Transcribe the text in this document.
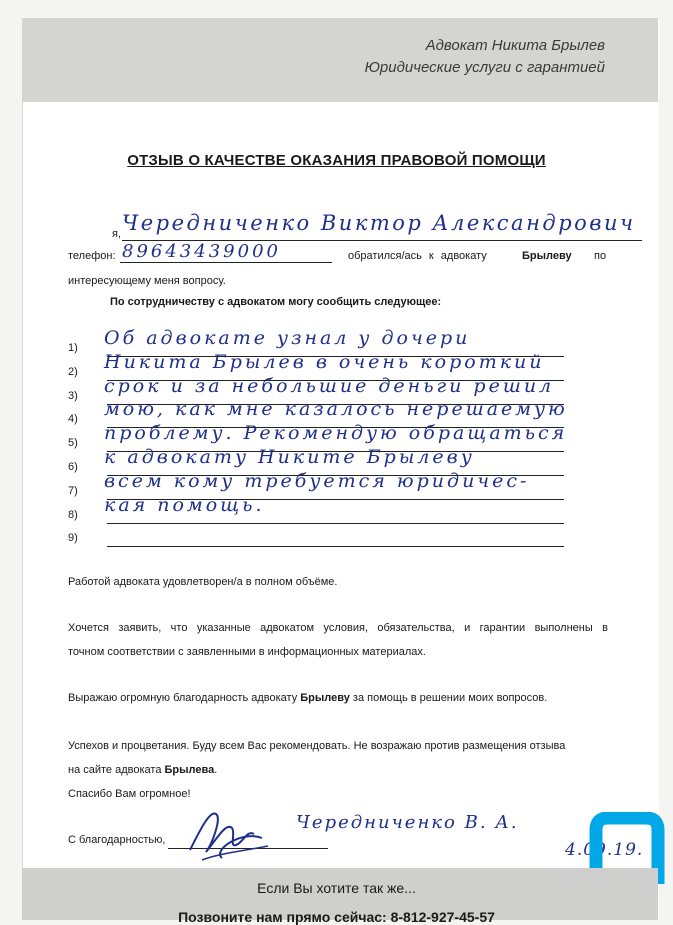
Адвокат Никита Брылев
Юридические услуги с гарантией
ОТЗЫВ О КАЧЕСТВЕ ОКАЗАНИЯ ПРАВОВОЙ ПОМОЩИ
я, Чередниченко Виктор Александрович
телефон: 89643439000	обратился/ась к адвокату	Брылеву по
интересующему меня вопросу.
По сотрудничеству с адвокатом могу сообщить следующее:
1) Об адвокате узнал у дочери
2) Никита Брылев в очень короткий
3) срок и за небольшие деньги решил
4) мою, как мне казалось нерешаемую
5) проблему. Рекомендую обращаться
6) к адвокату Никите Брылеву
7) всем кому требуется юридичес-
8) кая помощь.
9)
Работой адвоката удовлетворен/а в полном объёме.
Хочется заявить, что указанные адвокатом условия, обязательства, и гарантии выполнены в
точном соответствии с заявленными в информационных материалах.
Выражаю огромную благодарность адвокату Брылеву за помощь в решении моих вопросов.
Успехов и процветания. Буду всем Вас рекомендовать. Не возражаю против размещения отзыва
на сайте адвоката Брылева.
Спасибо Вам огромное!
С благодарностью,
Чередниченко В. А.
4.09.19.
Если Вы хотите так же...
Позвоните нам прямо сейчас: 8-812-927-45-57
